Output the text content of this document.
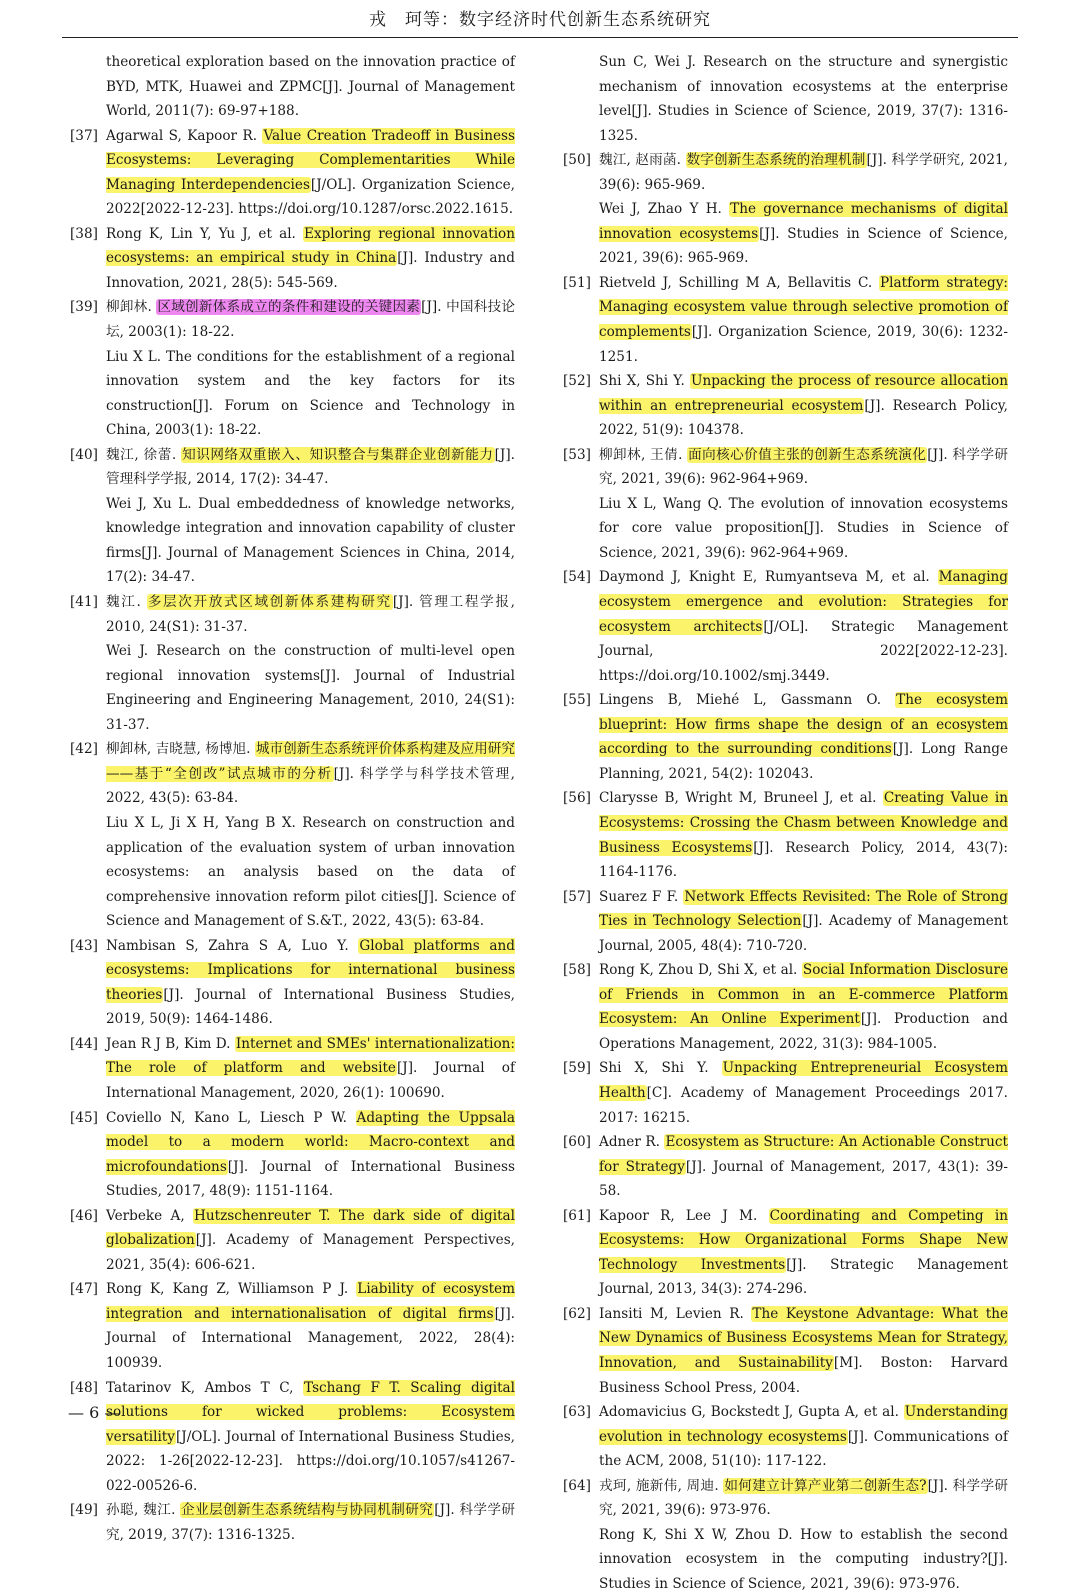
戎　珂等：数字经济时代创新生态系统研究
theoretical exploration based on the innovation practice of BYD, MTK, Huawei and ZPMC[J]. Journal of Management World, 2011(7): 69-97+188.
[37] Agarwal S, Kapoor R. Value Creation Tradeoff in Business Ecosystems: Leveraging Complementarities While Managing Interdependencies[J/OL]. Organization Science, 2022[2022-12-23]. https://doi.org/10.1287/orsc.2022.1615.
[38] Rong K, Lin Y, Yu J, et al. Exploring regional innovation ecosystems: an empirical study in China[J]. Industry and Innovation, 2021, 28(5): 545-569.
[39] 柳卸林. 区域创新体系成立的条件和建设的关键因素[J]. 中国科技论坛, 2003(1): 18-22.
Liu X L. The conditions for the establishment of a regional innovation system and the key factors for its construction[J]. Forum on Science and Technology in China, 2003(1): 18-22.
[40] 魏江, 徐蕾. 知识网络双重嵌入、知识整合与集群企业创新能力[J]. 管理科学学报, 2014, 17(2): 34-47.
Wei J, Xu L. Dual embeddedness of knowledge networks, knowledge integration and innovation capability of cluster firms[J]. Journal of Management Sciences in China, 2014, 17(2): 34-47.
[41] 魏江. 多层次开放式区域创新体系建构研究[J]. 管理工程学报, 2010, 24(S1): 31-37.
Wei J. Research on the construction of multi-level open regional innovation systems[J]. Journal of Industrial Engineering and Engineering Management, 2010, 24(S1): 31-37.
[42] 柳卸林, 吉晓慧, 杨博旭. 城市创新生态系统评价体系构建及应用研究——基于“全创改”试点城市的分析[J]. 科学学与科学技术管理, 2022, 43(5): 63-84.
Liu X L, Ji X H, Yang B X. Research on construction and application of the evaluation system of urban innovation ecosystems: an analysis based on the data of comprehensive innovation reform pilot cities[J]. Science of Science and Management of S.&T., 2022, 43(5): 63-84.
[43] Nambisan S, Zahra S A, Luo Y. Global platforms and ecosystems: Implications for international business theories[J]. Journal of International Business Studies, 2019, 50(9): 1464-1486.
[44] Jean R J B, Kim D. Internet and SMEs' internationalization: The role of platform and website[J]. Journal of International Management, 2020, 26(1): 100690.
[45] Coviello N, Kano L, Liesch P W. Adapting the Uppsala model to a modern world: Macro-context and microfoundations[J]. Journal of International Business Studies, 2017, 48(9): 1151-1164.
[46] Verbeke A, Hutzschenreuter T. The dark side of digital globalization[J]. Academy of Management Perspectives, 2021, 35(4): 606-621.
[47] Rong K, Kang Z, Williamson P J. Liability of ecosystem integration and internationalisation of digital firms[J]. Journal of International Management, 2022, 28(4): 100939.
[48] Tatarinov K, Ambos T C, Tschang F T. Scaling digital solutions for wicked problems: Ecosystem versatility[J/OL]. Journal of International Business Studies, 2022: 1-26[2022-12-23]. https://doi.org/10.1057/s41267-022-00526-6.
[49] 孙聪, 魏江. 企业层创新生态系统结构与协同机制研究[J]. 科学学研究, 2019, 37(7): 1316-1325.
Sun C, Wei J. Research on the structure and synergistic mechanism of innovation ecosystems at the enterprise level[J]. Studies in Science of Science, 2019, 37(7): 1316-1325.
[50] 魏江, 赵雨菡. 数字创新生态系统的治理机制[J]. 科学学研究, 2021, 39(6): 965-969.
Wei J, Zhao Y H. The governance mechanisms of digital innovation ecosystems[J]. Studies in Science of Science, 2021, 39(6): 965-969.
[51] Rietveld J, Schilling M A, Bellavitis C. Platform strategy: Managing ecosystem value through selective promotion of complements[J]. Organization Science, 2019, 30(6): 1232-1251.
[52] Shi X, Shi Y. Unpacking the process of resource allocation within an entrepreneurial ecosystem[J]. Research Policy, 2022, 51(9): 104378.
[53] 柳卸林, 王倩. 面向核心价值主张的创新生态系统演化[J]. 科学学研究, 2021, 39(6): 962-964+969.
Liu X L, Wang Q. The evolution of innovation ecosystems for core value proposition[J]. Studies in Science of Science, 2021, 39(6): 962-964+969.
[54] Daymond J, Knight E, Rumyantseva M, et al. Managing ecosystem emergence and evolution: Strategies for ecosystem architects[J/OL]. Strategic Management Journal, 2022[2022-12-23]. https://doi.org/10.1002/smj.3449.
[55] Lingens B, Miehé L, Gassmann O. The ecosystem blueprint: How firms shape the design of an ecosystem according to the surrounding conditions[J]. Long Range Planning, 2021, 54(2): 102043.
[56] Clarysse B, Wright M, Bruneel J, et al. Creating Value in Ecosystems: Crossing the Chasm between Knowledge and Business Ecosystems[J]. Research Policy, 2014, 43(7): 1164-1176.
[57] Suarez F F. Network Effects Revisited: The Role of Strong Ties in Technology Selection[J]. Academy of Management Journal, 2005, 48(4): 710-720.
[58] Rong K, Zhou D, Shi X, et al. Social Information Disclosure of Friends in Common in an E-commerce Platform Ecosystem: An Online Experiment[J]. Production and Operations Management, 2022, 31(3): 984-1005.
[59] Shi X, Shi Y. Unpacking Entrepreneurial Ecosystem Health[C]. Academy of Management Proceedings 2017. 2017: 16215.
[60] Adner R. Ecosystem as Structure: An Actionable Construct for Strategy[J]. Journal of Management, 2017, 43(1): 39-58.
[61] Kapoor R, Lee J M. Coordinating and Competing in Ecosystems: How Organizational Forms Shape New Technology Investments[J]. Strategic Management Journal, 2013, 34(3): 274-296.
[62] Iansiti M, Levien R. The Keystone Advantage: What the New Dynamics of Business Ecosystems Mean for Strategy, Innovation, and Sustainability[M]. Boston: Harvard Business School Press, 2004.
[63] Adomavicius G, Bockstedt J, Gupta A, et al. Understanding evolution in technology ecosystems[J]. Communications of the ACM, 2008, 51(10): 117-122.
[64] 戎珂, 施新伟, 周迪. 如何建立计算产业第二创新生态?[J]. 科学学研究, 2021, 39(6): 973-976.
Rong K, Shi X W, Zhou D. How to establish the second innovation ecosystem in the computing industry?[J]. Studies in Science of Science, 2021, 39(6): 973-976.
— 6 —
